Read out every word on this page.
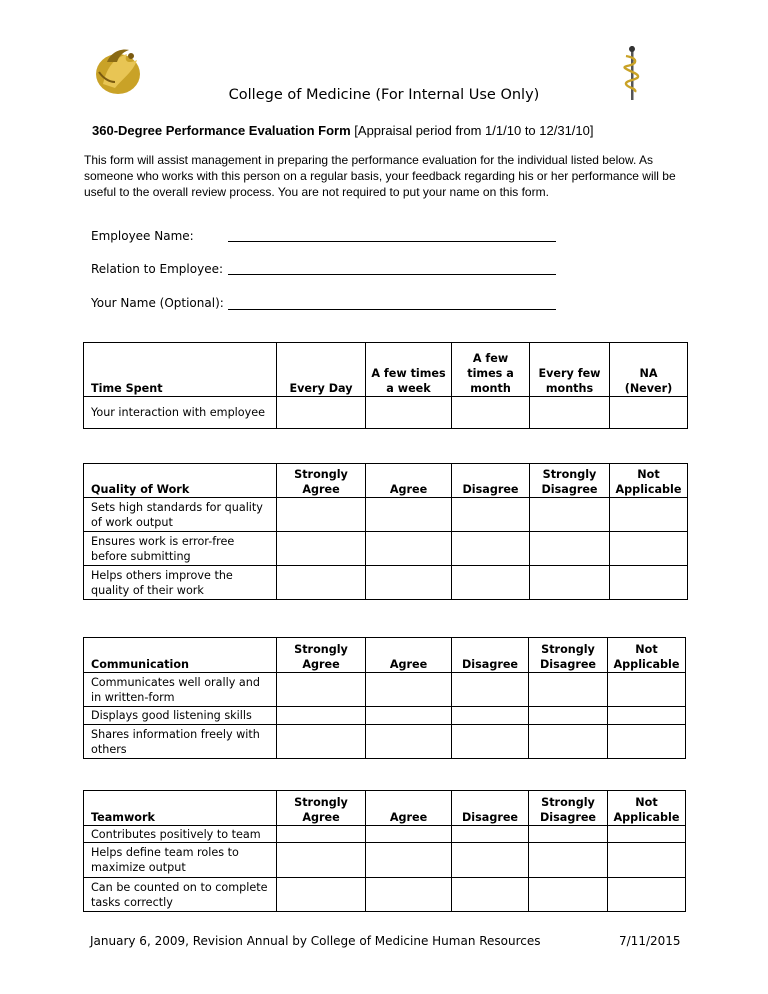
College of Medicine (For Internal Use Only)
360-Degree Performance Evaluation Form [Appraisal period from 1/1/10 to 12/31/10]
This form will assist management in preparing the performance evaluation for the individual listed below. As someone who works with this person on a regular basis, your feedback regarding his or her performance will be useful to the overall review process. You are not required to put your name on this form.
Employee Name:
Relation to Employee:
Your Name (Optional):
Time Spent	Every Day	A few times a week	A few times a month	Every few months	NA (Never)
Your interaction with employee					
Quality of Work	Strongly Agree	Agree	Disagree	Strongly Disagree	Not Applicable
Sets high standards for quality of work output					
Ensures work is error-free before submitting					
Helps others improve the quality of their work					
Communication	Strongly Agree	Agree	Disagree	Strongly Disagree	Not Applicable
Communicates well orally and in written-form					
Displays good listening skills					
Shares information freely with others					
Teamwork	Strongly Agree	Agree	Disagree	Strongly Disagree	Not Applicable
Contributes positively to team					
Helps define team roles to maximize output					
Can be counted on to complete tasks correctly					
January 6, 2009, Revision Annual by College of Medicine Human Resources	7/11/2015
